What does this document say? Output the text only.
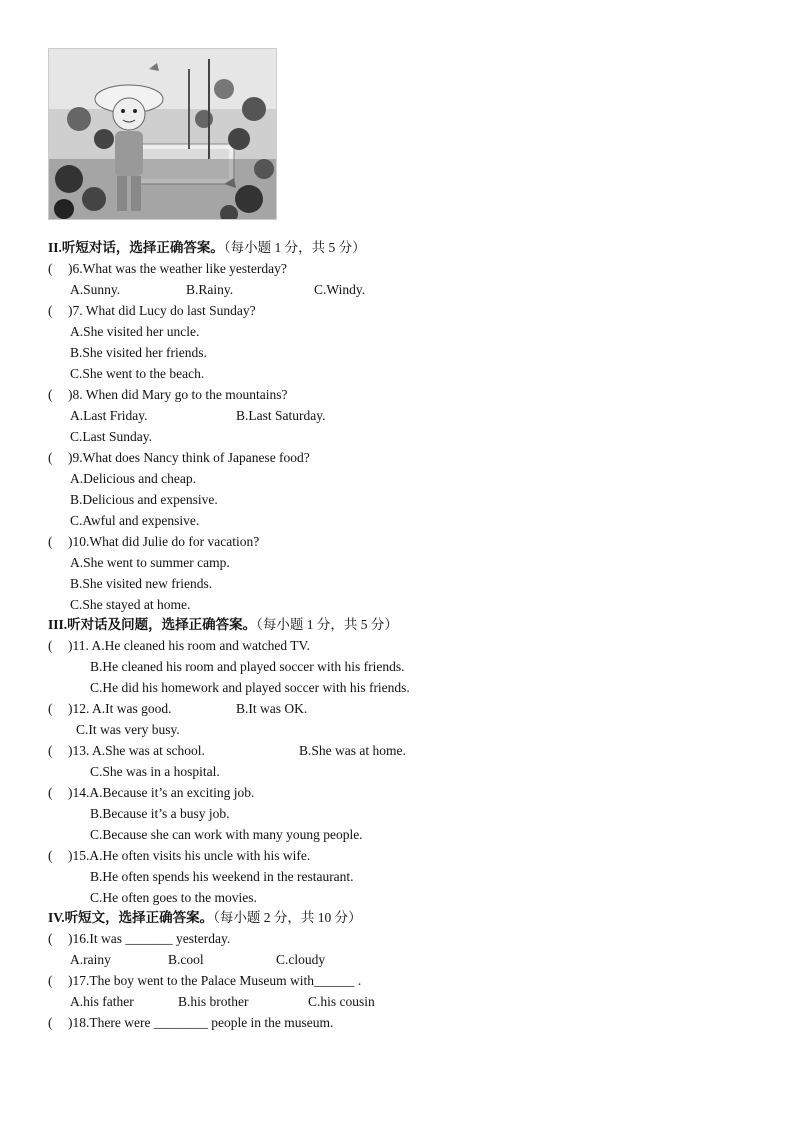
II.听短对话，选择正确答案。（每小题 1 分，共 5 分）
( )6.What was the weather like yesterday?
A.Sunny.	B.Rainy.	C.Windy.
( )7. What did Lucy do last Sunday?
A.She visited her uncle.
B.She visited her friends.
C.She went to the beach.
( )8. When did Mary go to the mountains?
A.Last Friday.	B.Last Saturday.
C.Last Sunday.
( )9.What does Nancy think of Japanese food?
A.Delicious and cheap.
B.Delicious and expensive.
C.Awful and expensive.
( )10.What did Julie do for vacation?
A.She went to summer camp.
B.She visited new friends.
C.She stayed at home.
III.听对话及问题，选择正确答案。（每小题 1 分，共 5 分）
( )11. A.He cleaned his room and watched TV.
B.He cleaned his room and played soccer with his friends.
C.He did his homework and played soccer with his friends.
( )12. A.It was good.	B.It was OK.
C.It was very busy.
( )13. A.She was at school.	B.She was at home.
C.She was in a hospital.
( )14.A.Because it’s an exciting job.
B.Because it’s a busy job.
C.Because she can work with many young people.
( )15.A.He often visits his uncle with his wife.
B.He often spends his weekend in the restaurant.
C.He often goes to the movies.
IV.听短文，选择正确答案。（每小题 2 分，共 10 分）
( )16.It was _______ yesterday.
A.rainy	B.cool	C.cloudy
( )17.The boy went to the Palace Museum with______ .
A.his father	B.his brother	C.his cousin
( )18.There were ________ people in the museum.
